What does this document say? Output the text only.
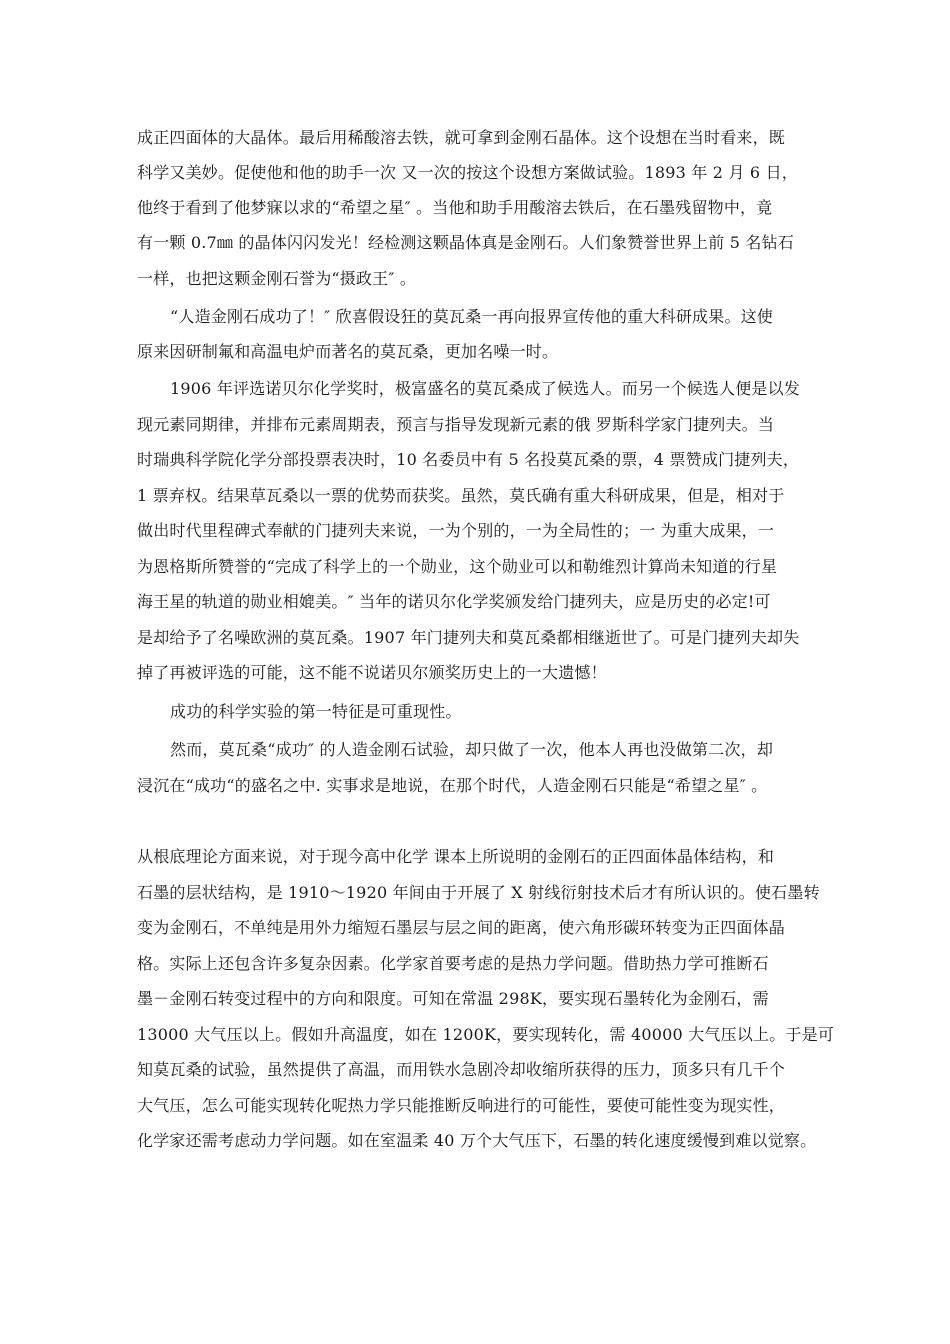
成正四面体的大晶体。最后用稀酸溶去铁，就可拿到金刚石晶体。这个设想在当时看来，既

科学又美妙。促使他和他的助手一次 又一次的按这个设想方案做试验。1893 年 2 月 6 日，

他终于看到了他梦寐以求的“希望之星″ 。当他和助手用酸溶去铁后，在石墨残留物中，竟

有一颗 0.7㎜ 的晶体闪闪发光！经检测这颗晶体真是金刚石。人们象赞誉世界上前 5 名钻石

一样，也把这颗金刚石誉为“摄政王″ 。

“人造金刚石成功了！″ 欣喜假设狂的莫瓦桑一再向报界宣传他的重大科研成果。这使

原来因研制氟和高温电炉而著名的莫瓦桑，更加名噪一时。

1906 年评选诺贝尔化学奖时，极富盛名的莫瓦桑成了候选人。而另一个候选人便是以发

现元素同期律，并排布元素周期表，预言与指导发现新元素的俄 罗斯科学家门捷列夫。当

时瑞典科学院化学分部投票表决时，10 名委员中有 5 名投莫瓦桑的票，4 票赞成门捷列夫，

1 票弃权。结果草瓦桑以一票的优势而获奖。虽然，莫氏确有重大科研成果，但是，相对于

做出时代里程碑式奉献的门捷列夫来说，一为个别的，一为全局性的；一 为重大成果，一

为恩格斯所赞誉的“完成了科学上的一个勋业，这个勋业可以和勒维烈计算尚未知道的行星

海王星的轨道的勋业相媲美。″ 当年的诺贝尔化学奖颁发给门捷列夫，应是历史的必定!可

是却给予了名噪欧洲的莫瓦桑。1907 年门捷列夫和莫瓦桑都相继逝世了。可是门捷列夫却失

掉了再被评选的可能，这不能不说诺贝尔颁奖历史上的一大遗憾！

成功的科学实验的第一特征是可重现性。

然而，莫瓦桑“成功″ 的人造金刚石试验，却只做了一次，他本人再也没做第二次，却

浸沉在“成功“的盛名之中. 实事求是地说，在那个时代，人造金刚石只能是“希望之星″ 。

从根底理论方面来说，对于现今高中化学 课本上所说明的金刚石的正四面体晶体结构，和

石墨的层状结构，是 1910～1920 年间由于开展了 X 射线衍射技术后才有所认识的。使石墨转

变为金刚石，不单纯是用外力缩短石墨层与层之间的距离，使六角形碳环转变为正四面体晶

格。实际上还包含许多复杂因素。化学家首要考虑的是热力学问题。借助热力学可推断石

墨－金刚石转变过程中的方向和限度。可知在常温 298K，要实现石墨转化为金刚石，需

13000 大气压以上。假如升高温度，如在 1200K，要实现转化，需 40000 大气压以上。于是可

知莫瓦桑的试验，虽然提供了高温，而用铁水急剧冷却收缩所获得的压力，顶多只有几千个

大气压，怎么可能实现转化呢热力学只能推断反响进行的可能性，要使可能性变为现实性，

化学家还需考虑动力学问题。如在室温柔 40 万个大气压下，石墨的转化速度缓慢到难以觉察。
